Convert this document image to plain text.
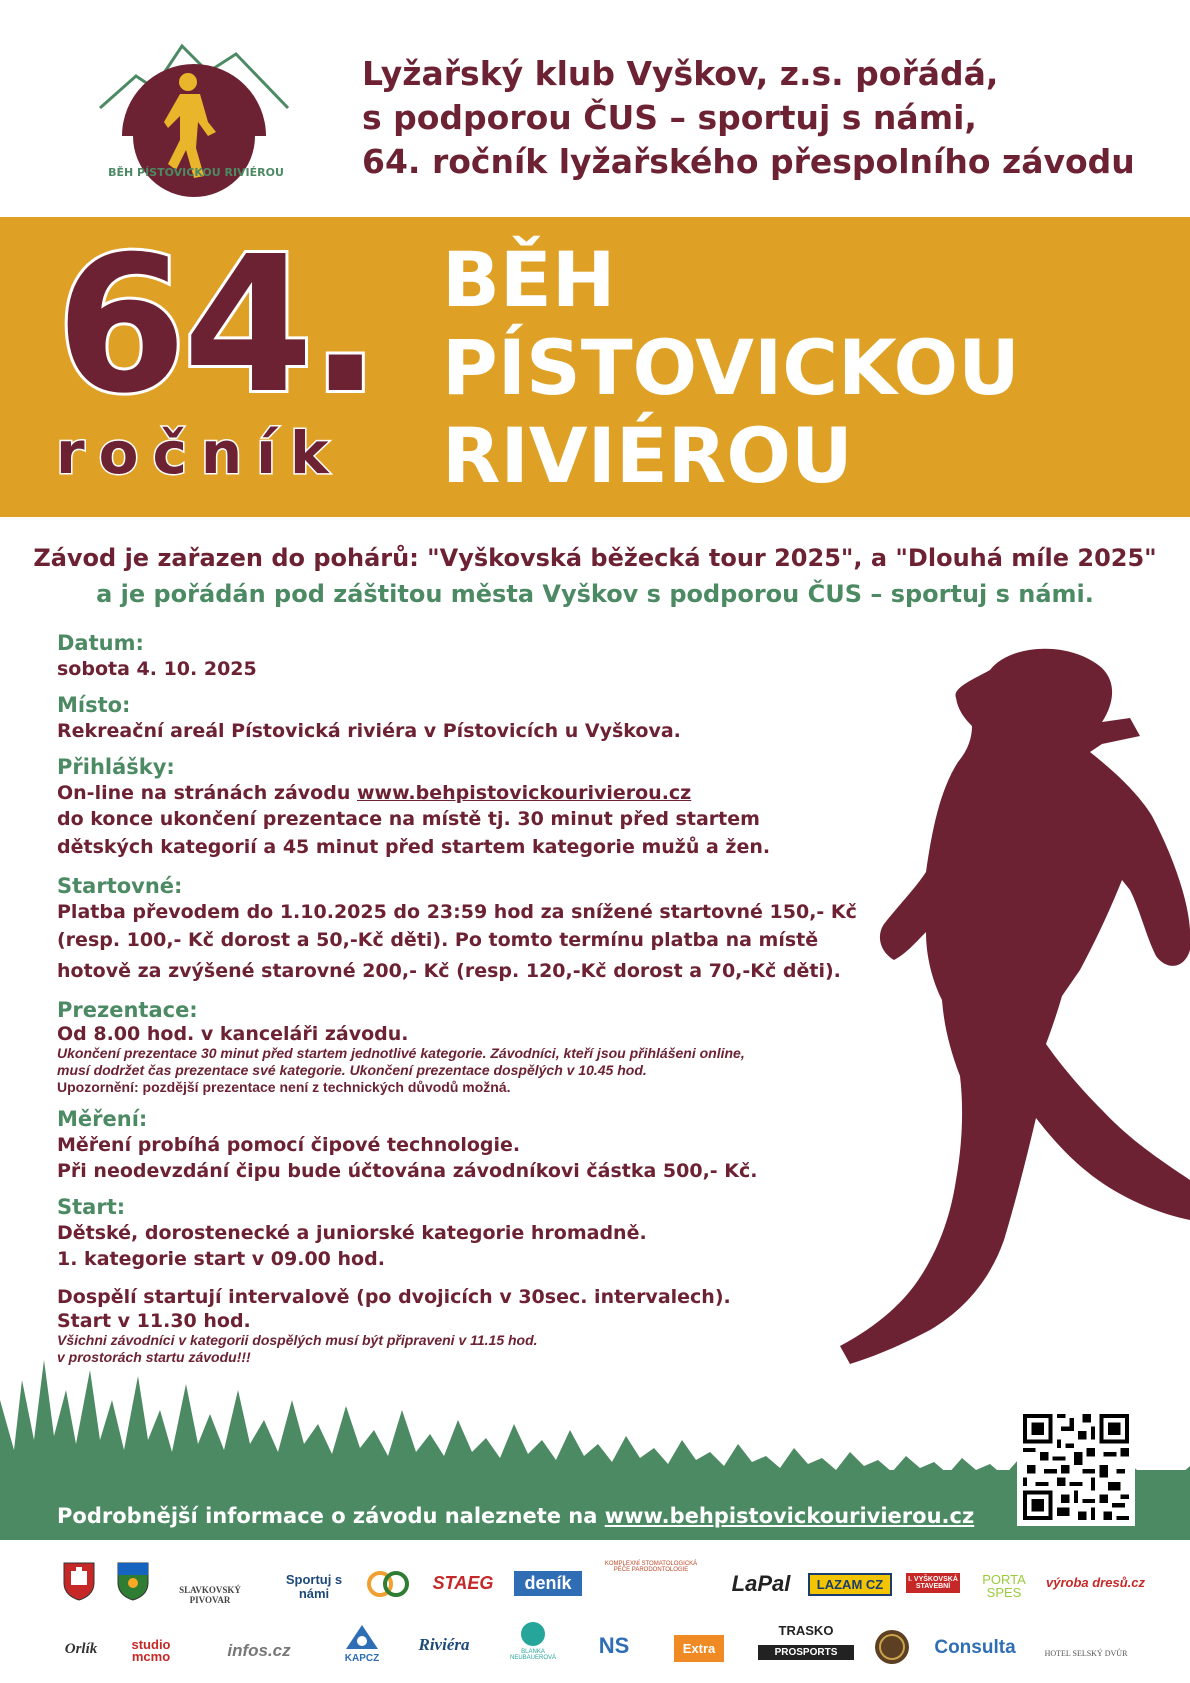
BĚH PÍSTOVICKOU RIVIÉROU
Lyžařský klub Vyškov, z.s. pořádá,
s podporou ČUS – sportuj s námi,
64. ročník lyžařského přespolního závodu
64.
ročník
BĚH
PÍSTOVICKOU
RIVIÉROU
Závod je zařazen do pohárů: "Vyškovská běžecká tour 2025", a "Dlouhá míle 2025"
a je pořádán pod záštitou města Vyškov s podporou ČUS – sportuj s námi.
Datum:
sobota 4. 10. 2025
Místo:
Rekreační areál Pístovická riviéra v Pístovicích u Vyškova.
Přihlášky:
On-line na stránách závodu www.behpistovickourivierou.cz
do konce ukončení prezentace na místě tj. 30 minut před startem
dětských kategorií a 45 minut před startem kategorie mužů a žen.
Startovné:
Platba převodem do 1.10.2025 do 23:59 hod za snížené startovné 150,- Kč
(resp. 100,- Kč dorost a 50,-Kč děti). Po tomto termínu platba na místě
hotově za zvýšené starovné 200,- Kč (resp. 120,-Kč dorost a 70,-Kč děti).
Prezentace:
Od 8.00 hod. v kanceláři závodu.
Ukončení prezentace 30 minut před startem jednotlivé kategorie. Závodníci, kteří jsou přihlášeni online,
musí dodržet čas prezentace své kategorie. Ukončení prezentace dospělých v 10.45 hod.
Upozornění: pozdější prezentace není z technických důvodů možná.
Měření:
Měření probíhá pomocí čipové technologie.
Při neodevzdání čipu bude účtována závodníkovi částka 500,- Kč.
Start:
Dětské, dorostenecké a juniorské kategorie hromadně.
1. kategorie start v 09.00 hod.
Dospělí startují intervalově (po dvojicích v 30sec. intervalech).
Start v 11.30 hod.
Všichni závodníci v kategorii dospělých musí být připraveni v 11.15 hod.
v prostorách startu závodu!!!
Podrobnější informace o závodu naleznete na www.behpistovickourivierou.cz
SLAVKOVSKÝ PIVOVAR
Sportuj s námi
STAEG	deník
KOMPLEXNÍ STOMATOLOGICKÁ PÉČE PARODONTOLOGIE
LaPal	LAZAM CZ	I. VYŠKOVSKÁ STAVEBNÍ	PORTA SPES
výroba dresů.cz
Orlík	studio mcmo	infos.cz	KAPCZ
Riviéra	BLANKA NEUBAUEROVÁ	NS	Extra
TRASKO
PROSPORTS	Consulta	HOTEL SELSKÝ DVŮR
